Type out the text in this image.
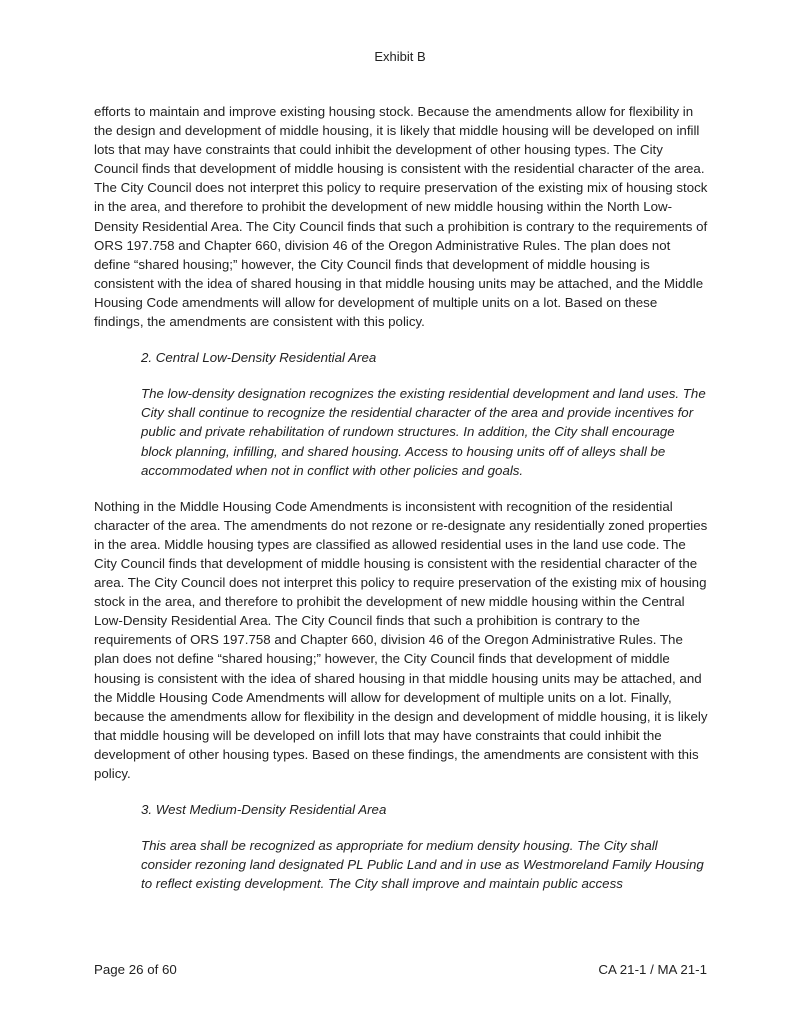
Exhibit B

efforts to maintain and improve existing housing stock. Because the amendments allow for flexibility in the design and development of middle housing, it is likely that middle housing will be developed on infill lots that may have constraints that could inhibit the development of other housing types. The City Council finds that development of middle housing is consistent with the residential character of the area. The City Council does not interpret this policy to require preservation of the existing mix of housing stock in the area, and therefore to prohibit the development of new middle housing within the North Low-Density Residential Area. The City Council finds that such a prohibition is contrary to the requirements of ORS 197.758 and Chapter 660, division 46 of the Oregon Administrative Rules. The plan does not define “shared housing;” however, the City Council finds that development of middle housing is consistent with the idea of shared housing in that middle housing units may be attached, and the Middle Housing Code amendments will allow for development of multiple units on a lot. Based on these findings, the amendments are consistent with this policy.

2. Central Low-Density Residential Area

The low-density designation recognizes the existing residential development and land uses. The City shall continue to recognize the residential character of the area and provide incentives for public and private rehabilitation of rundown structures. In addition, the City shall encourage block planning, infilling, and shared housing. Access to housing units off of alleys shall be accommodated when not in conflict with other policies and goals.

Nothing in the Middle Housing Code Amendments is inconsistent with recognition of the residential character of the area. The amendments do not rezone or re-designate any residentially zoned properties in the area. Middle housing types are classified as allowed residential uses in the land use code. The City Council finds that development of middle housing is consistent with the residential character of the area. The City Council does not interpret this policy to require preservation of the existing mix of housing stock in the area, and therefore to prohibit the development of new middle housing within the Central Low-Density Residential Area. The City Council finds that such a prohibition is contrary to the requirements of ORS 197.758 and Chapter 660, division 46 of the Oregon Administrative Rules. The plan does not define “shared housing;” however, the City Council finds that development of middle housing is consistent with the idea of shared housing in that middle housing units may be attached, and the Middle Housing Code Amendments will allow for development of multiple units on a lot. Finally, because the amendments allow for flexibility in the design and development of middle housing, it is likely that middle housing will be developed on infill lots that may have constraints that could inhibit the development of other housing types. Based on these findings, the amendments are consistent with this policy.

3. West Medium-Density Residential Area

This area shall be recognized as appropriate for medium density housing. The City shall consider rezoning land designated PL Public Land and in use as Westmoreland Family Housing to reflect existing development. The City shall improve and maintain public access

Page 26 of 60	CA 21-1 / MA 21-1
